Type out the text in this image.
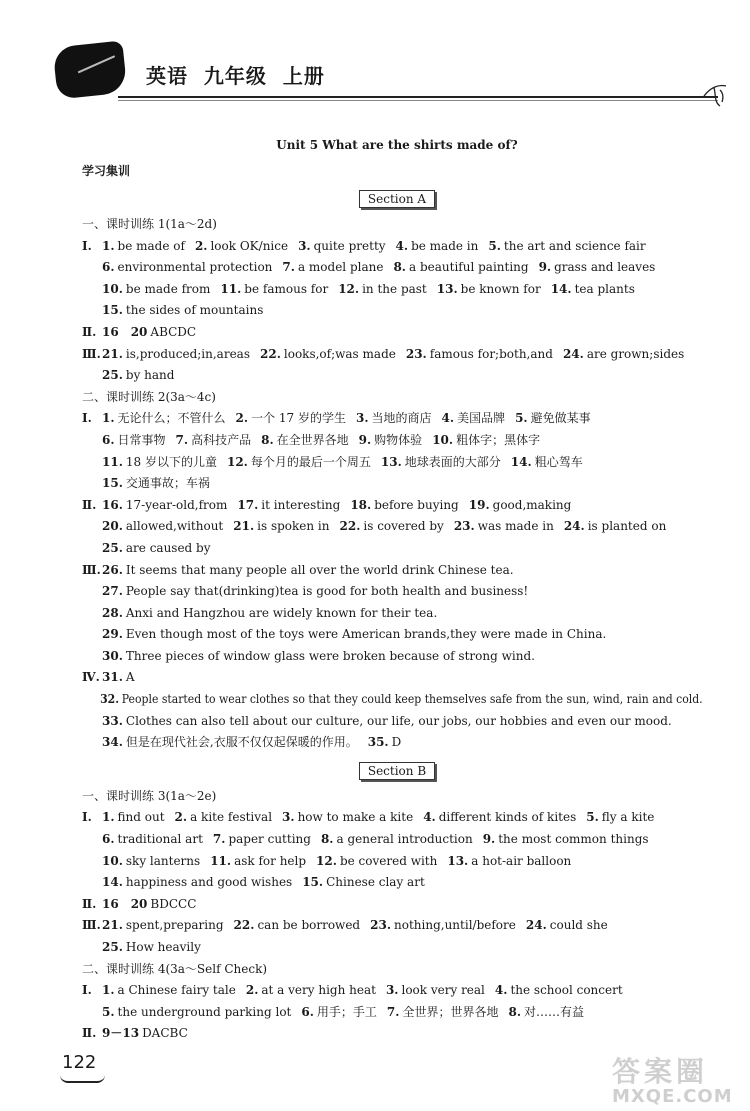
英语  九年级  上册
Unit 5 What are the shirts made of?
学习集训
Section A
一、课时训练 1(1a～2d)
Ⅰ. 1. be made of 2. look OK/nice 3. quite pretty 4. be made in 5. the art and science fair
6. environmental protection 7. a model plane 8. a beautiful painting 9. grass and leaves
10. be made from 11. be famous for 12. in the past 13. be known for 14. tea plants
15. the sides of mountains
Ⅱ. 16　20 ABCDC
Ⅲ.21. is,produced;in,areas 22. looks,of;was made 23. famous for;both,and 24. are grown;sides
25. by hand
二、课时训练 2(3a～4c)
Ⅰ. 1. 无论什么；不管什么 2. 一个 17 岁的学生 3. 当地的商店 4. 美国品牌 5. 避免做某事
6. 日常事物 7. 高科技产品 8. 在全世界各地 9. 购物体验 10. 粗体字；黑体字
11. 18 岁以下的儿童 12. 每个月的最后一个周五 13. 地球表面的大部分 14. 粗心驾车
15. 交通事故；车祸
Ⅱ. 16. 17-year-old,from 17. it interesting 18. before buying 19. good,making
20. allowed,without 21. is spoken in 22. is covered by 23. was made in 24. is planted on
25. are caused by
Ⅲ.26. It seems that many people all over the world drink Chinese tea.
27. People say that(drinking)tea is good for both health and business!
28. Anxi and Hangzhou are widely known for their tea.
29. Even though most of the toys were American brands,they were made in China.
30. Three pieces of window glass were broken because of strong wind.
Ⅳ. 31. A
32. People started to wear clothes so that they could keep themselves safe from the sun, wind, rain and cold.
33. Clothes can also tell about our culture, our life, our jobs, our hobbies and even our mood.
34. 但是在现代社会,衣服不仅仅起保暖的作用。 35. D
Section B
一、课时训练 3(1a～2e)
Ⅰ. 1. find out 2. a kite festival 3. how to make a kite 4. different kinds of kites 5. fly a kite
6. traditional art 7. paper cutting 8. a general introduction 9. the most common things
10. sky lanterns 11. ask for help 12. be covered with 13. a hot-air balloon
14. happiness and good wishes 15. Chinese clay art
Ⅱ. 16　20 BDCCC
Ⅲ.21. spent,preparing 22. can be borrowed 23. nothing,until/before 24. could she
25. How heavily
二、课时训练 4(3a～Self Check)
Ⅰ. 1. a Chinese fairy tale 2. at a very high heat 3. look very real 4. the school concert
5. the underground parking lot 6. 用手；手工 7. 全世界；世界各地 8. 对……有益
Ⅱ. 9－13 DACBC
122	答案圈
MXQE.COM
